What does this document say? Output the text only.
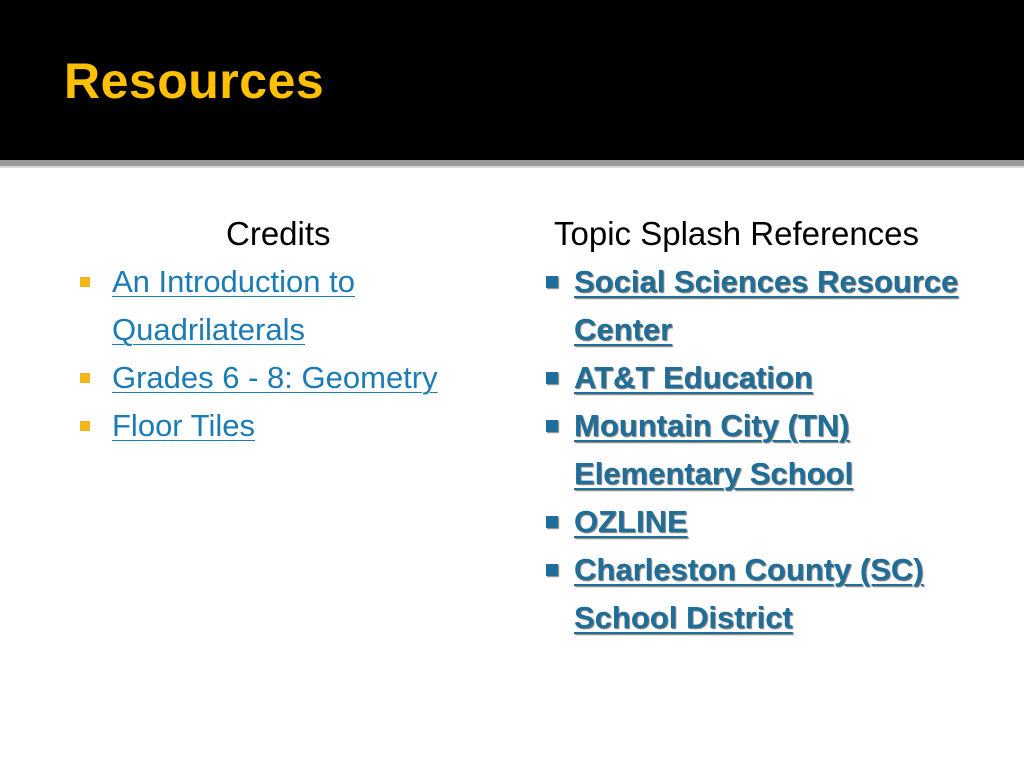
Resources
Credits	Topic Splash References
An Introduction to Quadrilaterals
Grades 6 - 8: Geometry
Floor Tiles
Social Sciences Resource Center
AT&T Education
Mountain City (TN) Elementary School
OZLINE
Charleston County (SC) School District
